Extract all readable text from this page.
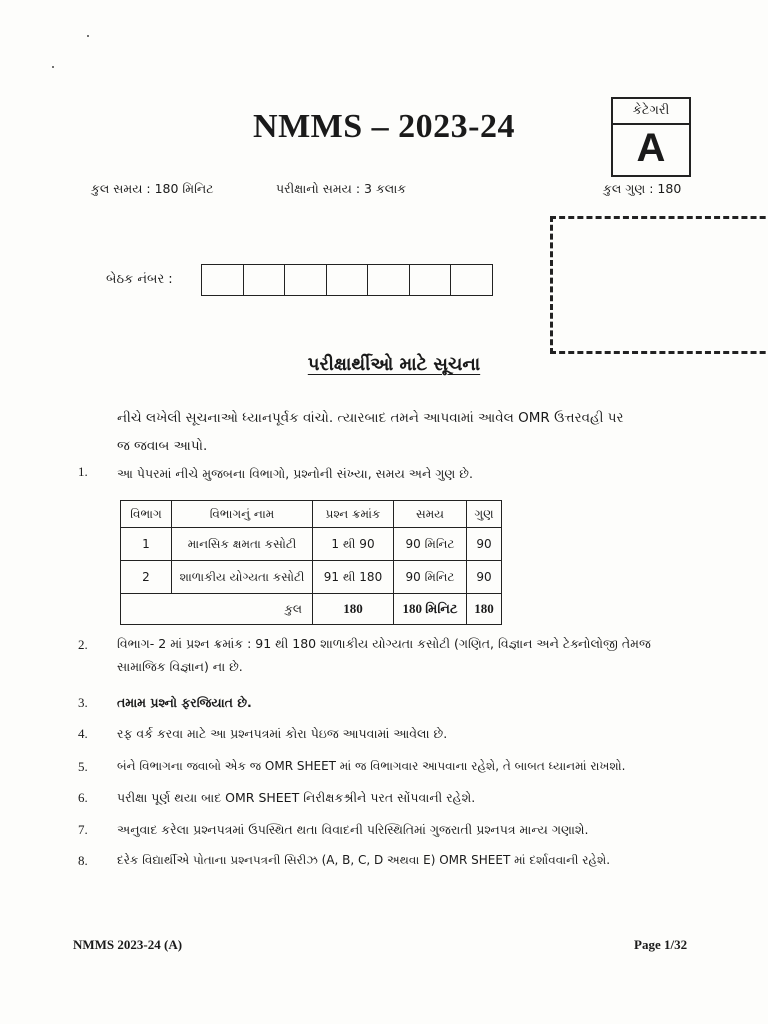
NMMS – 2023-24	કેટેગરી
A
કુલ સમય : 180 મિનિટ	પરીક્ષાનો સમય : 3 કલાક	કુલ ગુણ : 180
બેઠક નંબર :
પરીક્ષાર્થીઓ માટે સૂચના
નીચે લખેલી સૂચનાઓ ધ્યાનપૂર્વક વાંચો. ત્યારબાદ તમને આપવામાં આવેલ OMR ઉત્તરવહી પર
જ જવાબ આપો.
1. આ પેપરમાં નીચે મુજબના વિભાગો, પ્રશ્નોની સંખ્યા, સમય અને ગુણ છે.
વિભાગ	વિભાગનું નામ	પ્રશ્ન ક્રમાંક	સમય	ગુણ
1	માનસિક ક્ષમતા કસોટી	1 થી 90	90 મિનિટ	90
2	શાળાકીય યોગ્યતા કસોટી	91 થી 180	90 મિનિટ	90
કુલ		180	180 મિનિટ	180
2. વિભાગ- 2 માં પ્રશ્ન ક્રમાંક : 91 થી 180 શાળાકીય યોગ્યતા કસોટી (ગણિત, વિજ્ઞાન અને ટેક્નોલોજી તેમજ
સામાજિક વિજ્ઞાન) ના છે.
3. તમામ પ્રશ્નો ફરજિયાત છે.
4. રફ વર્ક કરવા માટે આ પ્રશ્નપત્રમાં કોરા પેઇજ આપવામાં આવેલા છે.
5. બંને વિભાગના જવાબો એક જ OMR SHEET માં જ વિભાગવાર આપવાના રહેશે, તે બાબત ધ્યાનમાં રાખશો.
6. પરીક્ષા પૂર્ણ થયા બાદ OMR SHEET નિરીક્ષકશ્રીને પરત સોંપવાની રહેશે.
7. અનુવાદ કરેલા પ્રશ્નપત્રમાં ઉપસ્થિત થતા વિવાદની પરિસ્થિતિમાં ગુજરાતી પ્રશ્નપત્ર માન્ય ગણાશે.
8. દરેક વિદ્યાર્થીએ પોતાના પ્રશ્નપત્રની સિરીઝ (A, B, C, D અથવા E) OMR SHEET માં દર્શાવવાની રહેશે.
NMMS 2023-24 (A)	Page 1/32
